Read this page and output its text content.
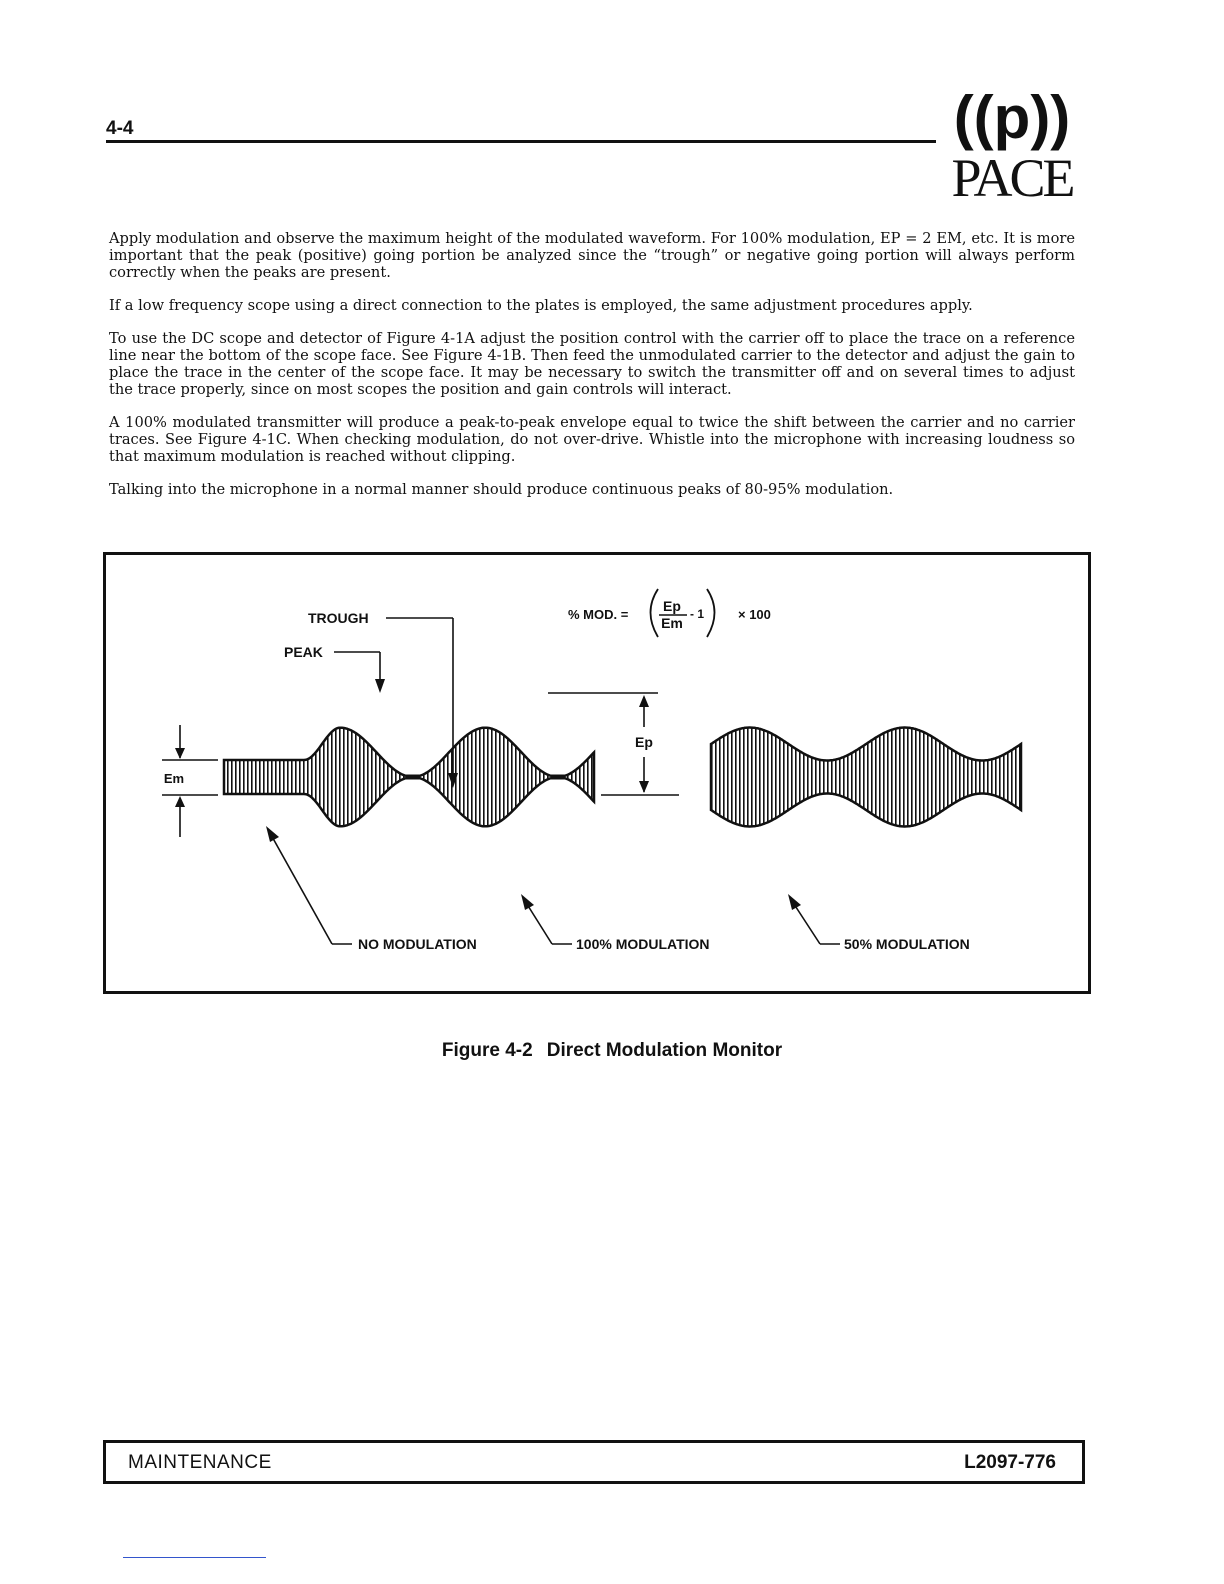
4-4	((p))
PACE

Apply modulation and observe the maximum height of the modulated waveform. For 100% modulation, EP = 2 EM, etc. It is more important that the peak (positive) going portion be analyzed since the “trough” or negative going portion will always perform correctly when the peaks are present.

If a low frequency scope using a direct connection to the plates is employed, the same adjustment procedures apply.

To use the DC scope and detector of Figure 4-1A adjust the position control with the carrier off to place the trace on a reference line near the bottom of the scope face. See Figure 4-1B. Then feed the unmodulated carrier to the detector and adjust the gain to place the trace in the center of the scope face. It may be necessary to switch the transmitter off and on several times to adjust the trace properly, since on most scopes the position and gain controls will interact.

A 100% modulated transmitter will produce a peak-to-peak envelope equal to twice the shift between the carrier and no carrier traces. See Figure 4-1C. When checking modulation, do not over-drive. Whistle into the microphone with increasing loudness so that maximum modulation is reached without clipping.

Talking into the microphone in a normal manner should produce continuous peaks of 80-95% modulation.

Em
Ep
TROUGH
PEAK
% MOD. =
Ep
Em
- 1	× 100
NO MODULATION	100% MODULATION	50% MODULATION
Figure 4-2 Direct Modulation Monitor
MAINTENANCE	L2097-776
